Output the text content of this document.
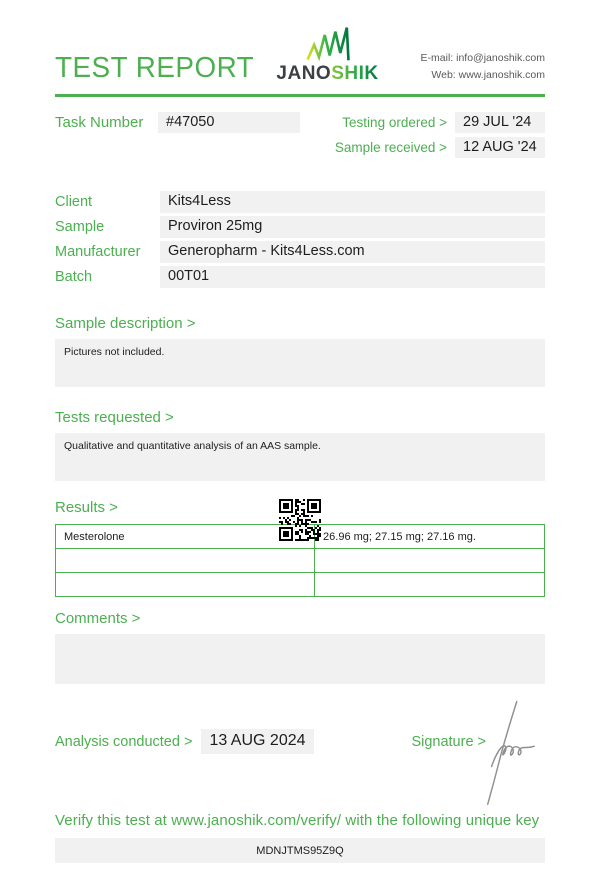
TEST REPORT JANOSHIK
E-mail: info@janoshik.com
Web: www.janoshik.com
Task Number	#47050	Testing ordered >	29 JUL '24
Sample received >	12 AUG '24
Client	Kits4Less
Sample	Proviron 25mg
Manufacturer	Generopharm - Kits4Less.com
Batch	00T01
Sample description >
Pictures not included.
Tests requested >
Qualitative and quantitative analysis of an AAS sample.
Results >
Mesterolone	26.96 mg; 27.15 mg; 27.16 mg.

Comments >
Analysis conducted >	13 AUG 2024	Signature >
Verify this test at www.janoshik.com/verify/ with the following unique key
MDNJTMS95Z9Q
